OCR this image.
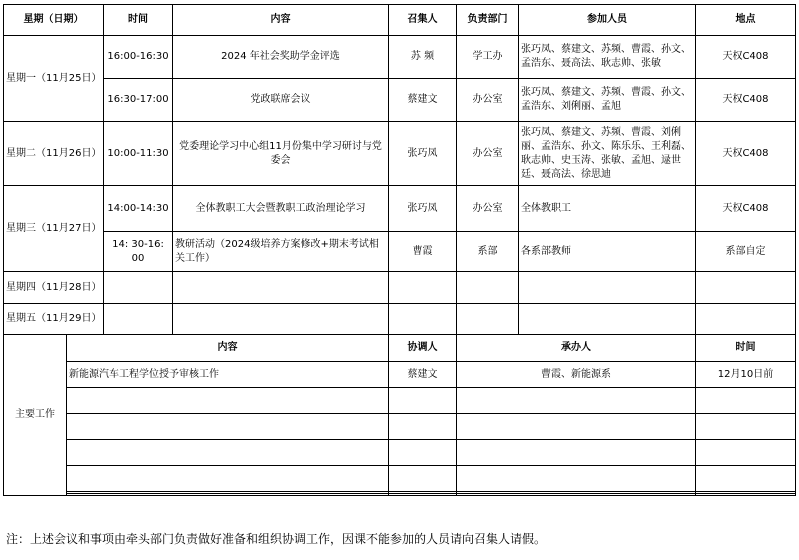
星期（日期）		时间	内容	召集人	负责部门	参加人员	地点
星期一（11月25日）		16:00-16:30	2024 年社会奖助学金评选	苏 频	学工办	张巧凤、蔡建文、苏频、曹霞、孙文、孟浩东、聂高法、耿志帅、张敏	天权C408
		16:30-17:00	党政联席会议	蔡建文	办公室	张巧凤、蔡建文、苏频、曹霞、孙文、孟浩东、刘俐丽、孟旭	天权C408
星期二（11月26日）		10:00-11:30	党委理论学习中心组11月份集中学习研讨与党委会	张巧凤	办公室	张巧凤、蔡建文、苏频、曹霞、刘俐丽、孟浩东、孙文、陈乐乐、王利磊、耿志帅、史玉涛、张敏、孟旭、逯世廷、聂高法、徐思迪	天权C408
星期三（11月27日）		14:00-14:30	全体教职工大会暨教职工政治理论学习	张巧凤	办公室	全体教职工	天权C408
		14: 30-16: 00	教研活动（2024级培养方案修改+期末考试相关工作）	曹霞	系部	各系部教师	系部自定
星期四（11月28日）							
星期五（11月29日）							
主要工作	内容			协调人	承办人		时间
	新能源汽车工程学位授予审核工作			蔡建文	曹霞、新能源系		12月10日前

注：上述会议和事项由牵头部门负责做好准备和组织协调工作，因课不能参加的人员请向召集人请假。
